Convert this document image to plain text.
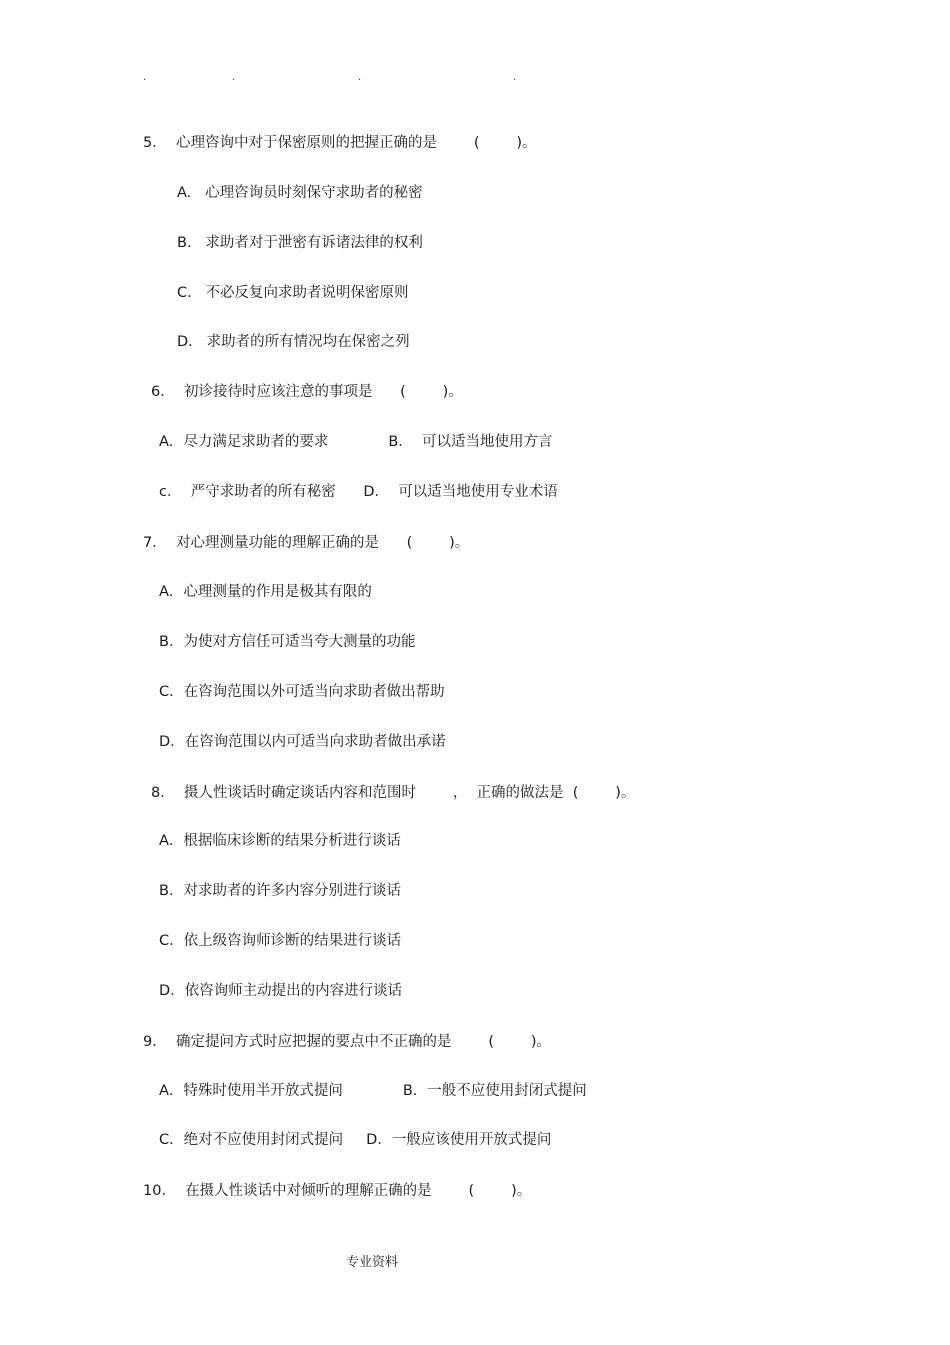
.	.	.	.
5．  心理咨询中对于保密原则的把握正确的是        (        )。
A.   心理咨询员时刻保守求助者的秘密
B.   求助者对于泄密有诉诸法律的权利
C.   不必反复向求助者说明保密原则
D.   求助者的所有情况均在保密之列
6．  初诊接待时应该注意的事项是      (        )。
A．尽力满足求助者的要求             B．  可以适当地使用方言
c．  严守求助者的所有秘密      D．  可以适当地使用专业术语
7．  对心理测量功能的理解正确的是      (        )。
A．心理测量的作用是极其有限的
B．为使对方信任可适当夸大测量的功能
C．在咨询范围以外可适当向求助者做出帮助
D．在咨询范围以内可适当向求助者做出承诺
8．  摄人性谈话时确定谈话内容和范围时        ，  正确的做法是  (        )。
A．根据临床诊断的结果分析进行谈话
B．对求助者的许多内容分别进行谈话
C．依上级咨询师诊断的结果进行谈话
D．依咨询师主动提出的内容进行谈话
9．  确定提问方式时应把握的要点中不正确的是        (        )。
A．特殊时使用半开放式提问             B．一般不应使用封闭式提问
C．绝对不应使用封闭式提问     D．一般应该使用开放式提问
10．  在摄人性谈话中对倾听的理解正确的是        (        )。
专业资料
